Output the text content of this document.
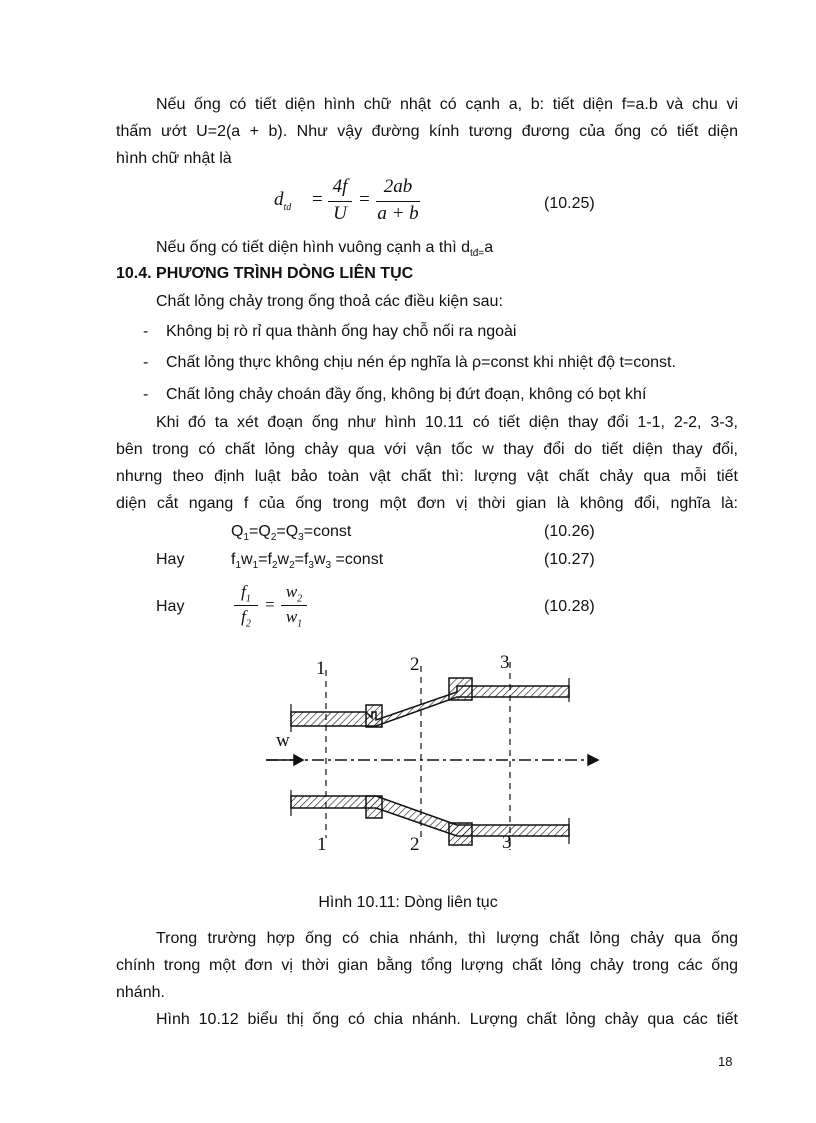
Nếu ống có tiết diện hình chữ nhật có cạnh a, b: tiết diện f=a.b và chu vi
thấm ướt U=2(a + b). Như vậy đường kính tương đương của ống có tiết diện
hình chữ nhật là
$d_{td}$ =
4f
U
=
2ab
a + b	(10.25)
Nếu ống có tiết diện hình vuông cạnh a thì $d_{tđ=}a$
10.4. PHƯƠNG TRÌNH DÒNG LIÊN TỤC
Chất lỏng chảy trong ống thoả các điều kiện sau:
- Không bị rò rỉ qua thành ống hay chỗ nối ra ngoài
- Chất lỏng thực không chịu nén ép nghĩa là ρ=const khi nhiệt độ t=const.
- Chất lỏng chảy choán đầy ống, không bị đứt đoạn, không có bọt khí
Khi đó ta xét đoạn ống như hình 10.11 có tiết diện thay đổi 1-1, 2-2, 3-3,
bên trong có chất lỏng chảy qua với vận tốc w thay đổi do tiết diện thay đổi,
nhưng theo định luật bảo toàn vật chất thì: lượng vật chất chảy qua mỗi tiết
diện cắt ngang f của ống trong một đơn vị thời gian là không đổi, nghĩa là:
$Q_1=Q_2=Q_3=const$	(10.26)
Hay	$f_1w_1=f_2w_2=f_3w_3$ =const	(10.27)
Hay
$f_1$
$f_2$
=
$w_2$
$w_1$
(10.28)
1	2	3
1	2	3
w
Hình 10.11: Dòng liên tục
Trong trường hợp ống có chia nhánh, thì lượng chất lỏng chảy qua ống
chính trong một đơn vị thời gian bằng tổng lượng chất lỏng chảy trong các ống
nhánh.
Hình 10.12 biểu thị ống có chia nhánh. Lượng chất lỏng chảy qua các tiết
18
